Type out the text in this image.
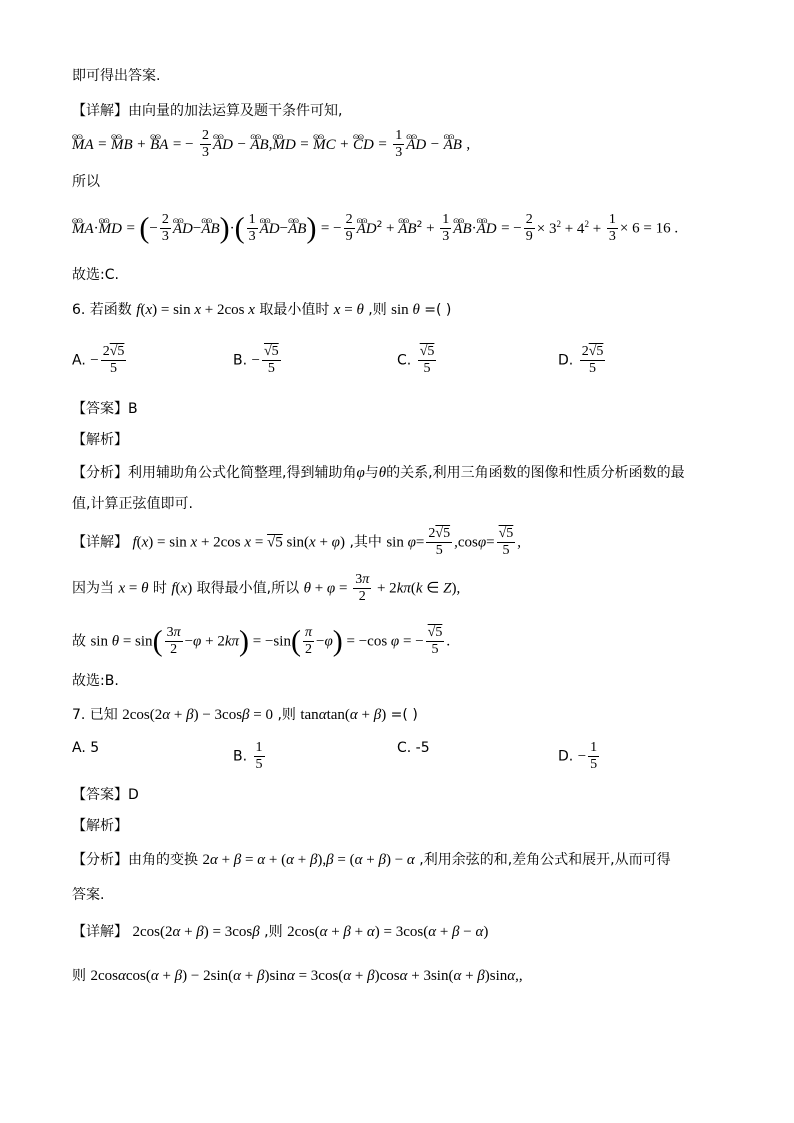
即可得出答案.
【详解】由向量的加法运算及题干条件可知,
ɷɷ MA = ɷɷ MB + ɷɷ BA = − $\frac{2}{3}$ ɷɷ AD − ɷɷ AB,ɷɷ MD = ɷɷ MC + ɷɷ CD = $\frac{1}{3}$ ɷɷ AD − ɷɷ AB ,
所以
ɷɷ MA·ɷɷ MD = (− $\frac{2}{3}$ ɷɷ AD−ɷɷ $AB)\cdot( \frac{1}{3}$ ɷɷ AD−ɷɷ AB) = − $\frac{2}{9}$ ɷɷ $AD^2$ + ɷɷ $AB^2 + \frac{1}{3}$ ɷɷ AB·ɷɷ AD = − $\frac{2}{9} \times 3^2 + 4^2 + \frac{1}{3} \times 6 = 16$ .
故选:C.
6. 若函数 f(x) = sin x + 2cos x 取最小值时 x = θ ,则 sin θ =( )
A. − $\frac{2√5}{5}$	B. − $\frac{√5}{5}$	C. $\frac{√5}{5}$	D. $\frac{2√5}{5}$
【答案】B
【解析】
【分析】利用辅助角公式化简整理,得到辅助角φ与θ的关系,利用三角函数的图像和性质分析函数的最
值,计算正弦值即可.
【详解】 f(x) = sin x + 2cos x = √5 sin(x + φ) ,其中 $\sin \varphi= \frac{2√5}{5} ,\cos\varphi= \frac{√5}{5}$ ,
因为当 x = θ 时 f(x) 取得最小值,所以 $\theta + \varphi = \frac{3\pi}{2} + 2k\pi(k$ ∈ Z),
故 $\sin \theta = \sin( \frac{3\pi}{2} -\varphi + 2k\pi) = -\sin( \frac{\pi}{2} -\varphi) = -\cos$ φ = − $\frac{√5}{5}$ .
故选:B.
7. 已知 2cos(2α + β) − 3cosβ = 0 ,则 tanαtan(α + β) =( )
A. 5
B. $\frac{1}{5}$	C. -5
D. − $\frac{1}{5}$
【答案】D
【解析】
【分析】由角的变换 2α + β = α + (α + β),β = (α + β) − α ,利用余弦的和,差角公式和展开,从而可得
答案.
【详解】 2cos(2α + β) = 3cosβ ,则 2cos(α + β + α) = 3cos(α + β − α)
则 2cosαcos(α + β) − 2sin(α + β)sinα = 3cos(α + β)cosα + 3sin(α + β)sinα,,
